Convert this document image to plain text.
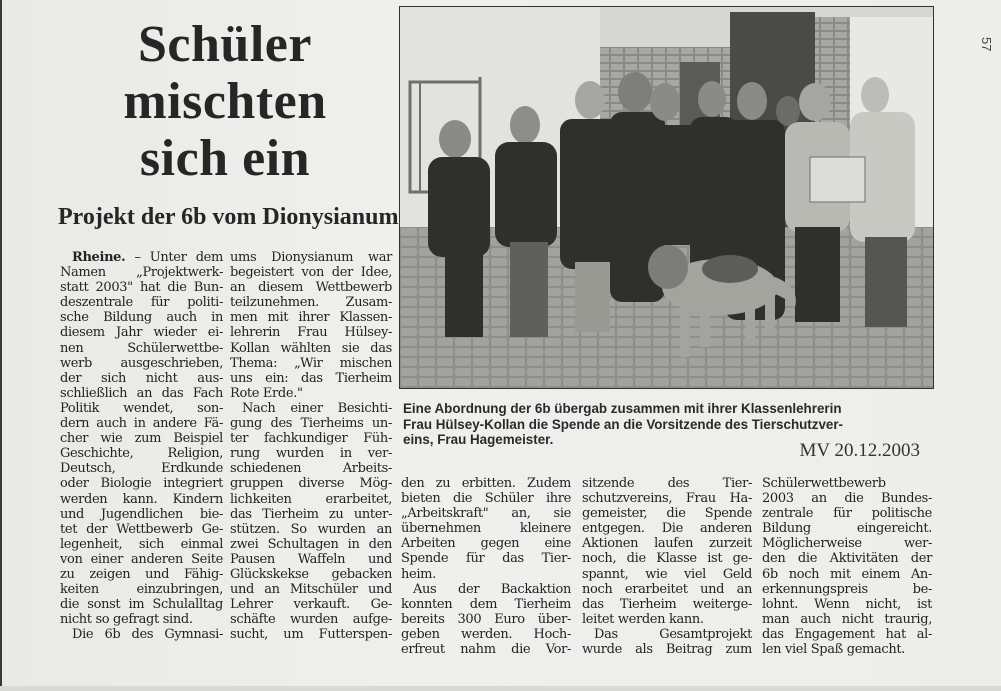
Schüler
mischten
sich ein
Projekt der 6b vom Dionysianum
Rheine. – Unter dem
Namen „Projektwerk-
statt 2003" hat die Bun-
deszentrale für politi-
sche Bildung auch in
diesem Jahr wieder ei-
nen Schülerwettbe-
werb ausgeschrieben,
der sich nicht aus-
schließlich an das Fach
Politik wendet, son-
dern auch in andere Fä-
cher wie zum Beispiel
Geschichte, Religion,
Deutsch, Erdkunde
oder Biologie integriert
werden kann. Kindern
und Jugendlichen bie-
tet der Wettbewerb Ge-
legenheit, sich einmal
von einer anderen Seite
zu zeigen und Fähig-
keiten einzubringen,
die sonst im Schulalltag
nicht so gefragt sind.
Die 6b des Gymnasi-
ums Dionysianum war
begeistert von der Idee,
an diesem Wettbewerb
teilzunehmen. Zusam-
men mit ihrer Klassen-
lehrerin Frau Hülsey-
Kollan wählten sie das
Thema: „Wir mischen
uns ein: das Tierheim
Rote Erde."
Nach einer Besichti-
gung des Tierheims un-
ter fachkundiger Füh-
rung wurden in ver-
schiedenen Arbeits-
gruppen diverse Mög-
lichkeiten erarbeitet,
das Tierheim zu unter-
stützen. So wurden an
zwei Schultagen in den
Pausen Waffeln und
Glückskekse gebacken
und an Mitschüler und
Lehrer verkauft. Ge-
schäfte wurden aufge-
sucht, um Futterspen-
Eine Abordnung der 6b übergab zusammen mit ihrer Klassenlehrerin
Frau Hülsey-Kollan die Spende an die Vorsitzende des Tierschutzver-
eins, Frau Hagemeister.
MV 20.12.2003
den zu erbitten. Zudem
bieten die Schüler ihre
„Arbeitskraft" an, sie
übernehmen kleinere
Arbeiten gegen eine
Spende für das Tier-
heim.
Aus der Backaktion
konnten dem Tierheim
bereits 300 Euro über-
geben werden. Hoch-
erfreut nahm die Vor-
sitzende des Tier-
schutzvereins, Frau Ha-
gemeister, die Spende
entgegen. Die anderen
Aktionen laufen zurzeit
noch, die Klasse ist ge-
spannt, wie viel Geld
noch erarbeitet und an
das Tierheim weiterge-
leitet werden kann.
Das Gesamtprojekt
wurde als Beitrag zum
Schülerwettbewerb
2003 an die Bundes-
zentrale für politische
Bildung eingereicht.
Möglicherweise wer-
den die Aktivitäten der
6b noch mit einem An-
erkennungspreis be-
lohnt. Wenn nicht, ist
man auch nicht traurig,
das Engagement hat al-
len viel Spaß gemacht.
57
